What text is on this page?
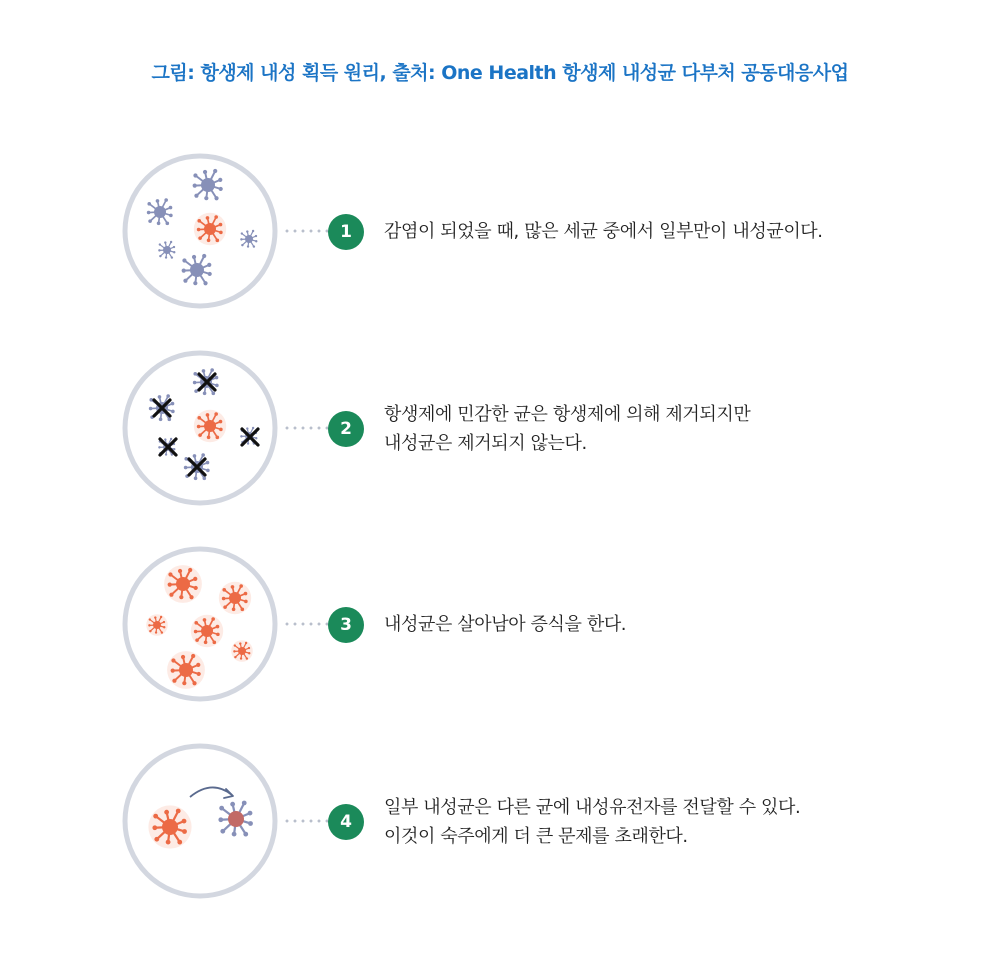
그림: 항생제 내성 획득 원리, 출처: One Health 항생제 내성균 다부처 공동대응사업
1	감염이 되었을 때, 많은 세균 중에서 일부만이 내성균이다.
2
항생제에 민감한 균은 항생제에 의해 제거되지만
내성균은 제거되지 않는다.
3	내성균은 살아남아 증식을 한다.
4
일부 내성균은 다른 균에 내성유전자를 전달할 수 있다.
이것이 숙주에게 더 큰 문제를 초래한다.
